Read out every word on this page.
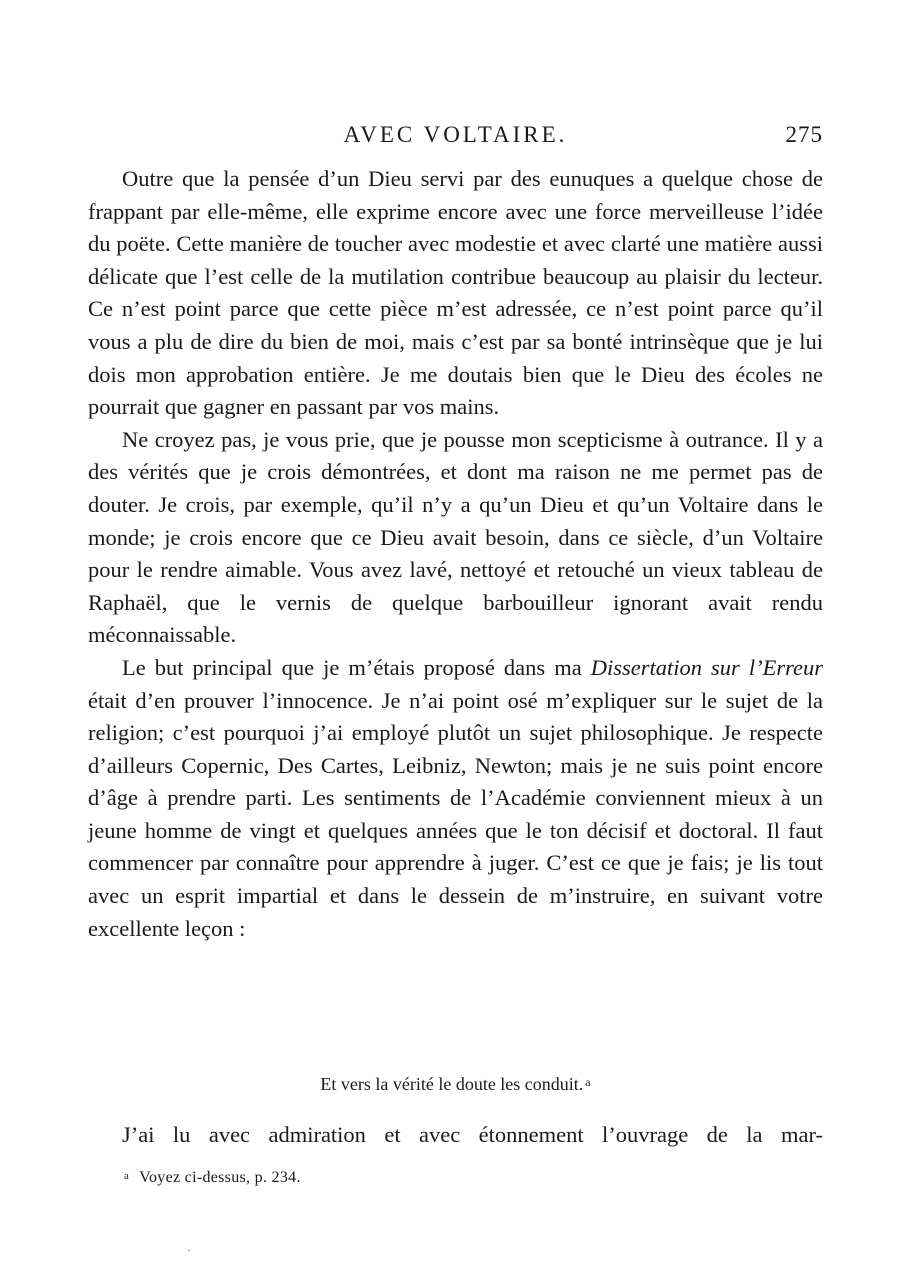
AVEC VOLTAIRE.	275

Outre que la pensée d’un Dieu servi par des eunuques a quelque chose de frappant par elle-même, elle exprime encore avec une force merveilleuse l’idée du poëte. Cette manière de toucher avec modestie et avec clarté une matière aussi délicate que l’est celle de la mutilation contribue beaucoup au plaisir du lecteur. Ce n’est point parce que cette pièce m’est adressée, ce n’est point parce qu’il vous a plu de dire du bien de moi, mais c’est par sa bonté intrinsèque que je lui dois mon approbation entière. Je me doutais bien que le Dieu des écoles ne pourrait que gagner en passant par vos mains.

Ne croyez pas, je vous prie, que je pousse mon scepticisme à outrance. Il y a des vérités que je crois démontrées, et dont ma raison ne me permet pas de douter. Je crois, par exemple, qu’il n’y a qu’un Dieu et qu’un Voltaire dans le monde; je crois encore que ce Dieu avait besoin, dans ce siècle, d’un Voltaire pour le rendre aimable. Vous avez lavé, nettoyé et retouché un vieux tableau de Raphaël, que le vernis de quelque barbouilleur ignorant avait rendu méconnaissable.

Le but principal que je m’étais proposé dans ma Dissertation sur l’Erreur était d’en prouver l’innocence. Je n’ai point osé m’expliquer sur le sujet de la religion; c’est pourquoi j’ai employé plutôt un sujet philosophique. Je respecte d’ailleurs Copernic, Des Cartes, Leibniz, Newton; mais je ne suis point encore d’âge à prendre parti. Les sentiments de l’Académie conviennent mieux à un jeune homme de vingt et quelques années que le ton décisif et doctoral. Il faut commencer par connaître pour apprendre à juger. C’est ce que je fais; je lis tout avec un esprit impartial et dans le dessein de m’instruire, en suivant votre excellente leçon :

Et vers la vérité le doute les conduit. $^a$
J’ai lu avec admiration et avec étonnement l’ouvrage de la mar-
a Voyez ci-dessus, p. 234.
